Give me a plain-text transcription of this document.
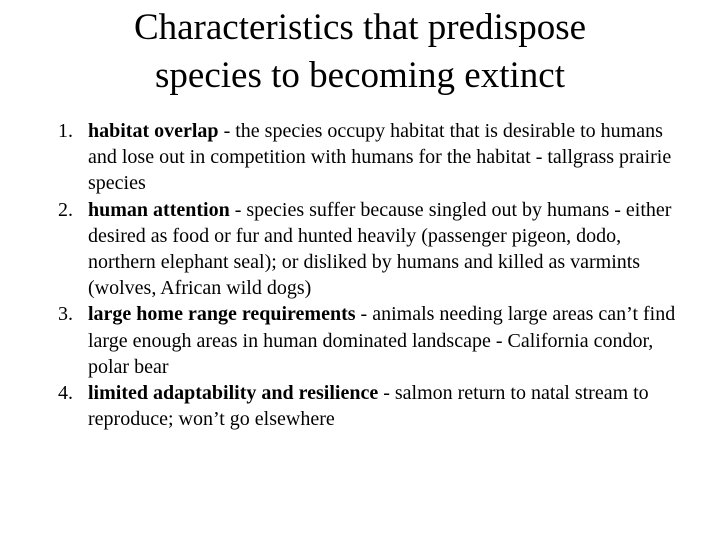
Characteristics that predispose
species to becoming extinct
1. habitat overlap - the species occupy habitat that is desirable to humans and lose out in competition with humans for the habitat - tallgrass prairie species
2. human attention - species suffer because singled out by humans - either desired as food or fur and hunted heavily (passenger pigeon, dodo, northern elephant seal); or disliked by humans and killed as varmints (wolves, African wild dogs)
3. large home range requirements - animals needing large areas can’t find large enough areas in human dominated landscape - California condor, polar bear
4. limited adaptability and resilience - salmon return to natal stream to reproduce; won’t go elsewhere
